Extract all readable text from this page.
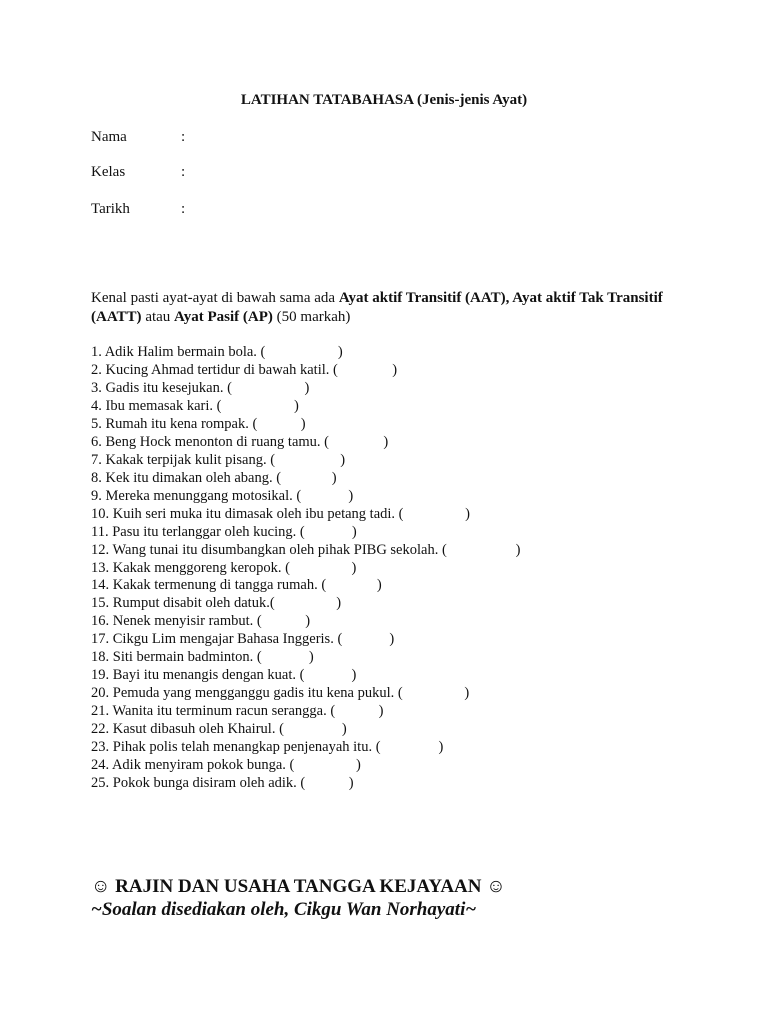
LATIHAN TATABAHASA (Jenis-jenis Ayat)
Nama	:
Kelas	:
Tarikh	:
Kenal pasti ayat-ayat di bawah sama ada Ayat aktif Transitif (AAT), Ayat aktif Tak Transitif (AATT) atau Ayat Pasif (AP) (50 markah)
1. Adik Halim bermain bola. (                    )
2. Kucing Ahmad tertidur di bawah katil. (               )
3. Gadis itu kesejukan. (                    )
4. Ibu memasak kari. (                    )
5. Rumah itu kena rompak. (            )
6. Beng Hock menonton di ruang tamu. (               )
7. Kakak terpijak kulit pisang. (                  )
8. Kek itu dimakan oleh abang. (              )
9. Mereka menunggang motosikal. (             )
10. Kuih seri muka itu dimasak oleh ibu petang tadi. (                 )
11. Pasu itu terlanggar oleh kucing. (             )
12. Wang tunai itu disumbangkan oleh pihak PIBG sekolah. (                   )
13. Kakak menggoreng keropok. (                 )
14. Kakak termenung di tangga rumah. (              )
15. Rumput disabit oleh datuk.(                 )
16. Nenek menyisir rambut. (            )
17. Cikgu Lim mengajar Bahasa Inggeris. (             )
18. Siti bermain badminton. (             )
19. Bayi itu menangis dengan kuat. (             )
20. Pemuda yang mengganggu gadis itu kena pukul. (                 )
21. Wanita itu terminum racun serangga. (            )
22. Kasut dibasuh oleh Khairul. (                )
23. Pihak polis telah menangkap penjenayah itu. (                )
24. Adik menyiram pokok bunga. (                 )
25. Pokok bunga disiram oleh adik. (            )
☺ RAJIN DAN USAHA TANGGA KEJAYAAN ☺
~Soalan disediakan oleh, Cikgu Wan Norhayati~
